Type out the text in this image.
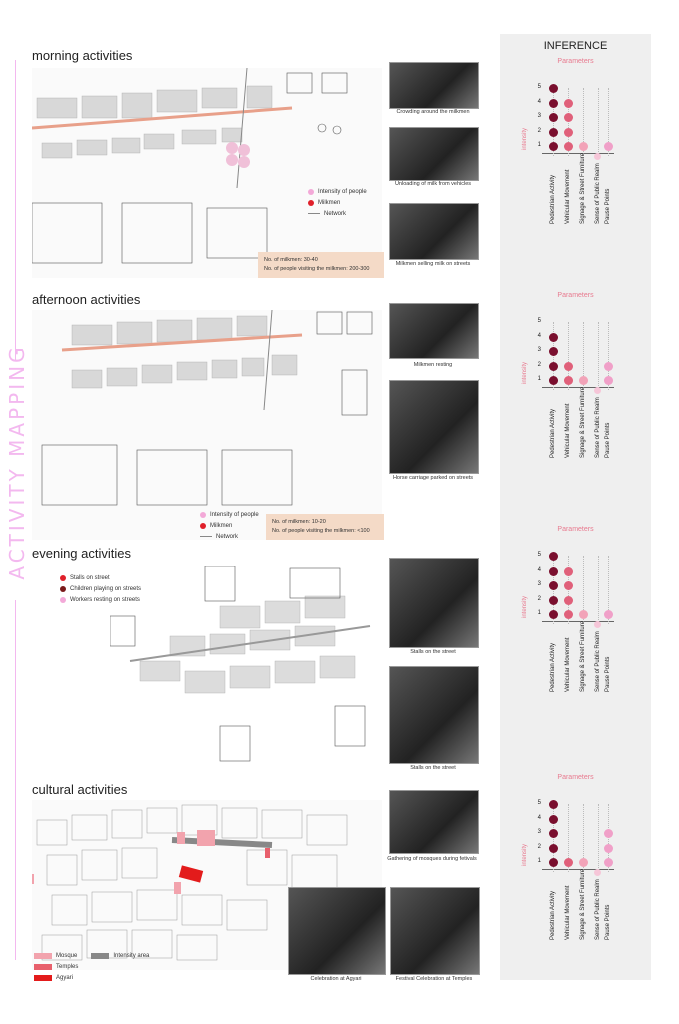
ACTIVITY MAPPING
morning activities
Crowding around the milkmen
Unloading of milk from vehicles
Milkmen selling milk on streets
Intensity of people
Milkmen
Network
No. of milkmen: 30-40
No. of people visiting the milkmen: 200-300
afternoon activities
Milkmen resting
Horse carriage parked on streets
Intensity of people
Milkmen
Network
No. of milkmen: 10-20
No. of people visiting the milkmen: <100
evening activities
Stalls on street
Children playing on streets
Workers resting on streets
Stalls on the street
Stalls on the street
cultural activities
Mosque	Intensity area
Temples
Agyari
Gathering of mosques during fetivals
Celebration at Agyari	Festival Celebration at Temples
INFERENCE
Parameters
intensity	1
2
3
4
5
Pedestrian Activity Vehicular Movement Signage & Street Furniture Sense of Public Realm Pause Points
Parameters
intensity	1
2
3
4
5
Pedestrian Activity Vehicular Movement Signage & Street Furniture Sense of Public Realm Pause Points
Parameters
intensity	1
2
3
4
5
Pedestrian Activity Vehicular Movement Signage & Street Furniture Sense of Public Realm Pause Points
Parameters
intensity	1
2
3
4
5
Pedestrian Activity Vehicular Movement Signage & Street Furniture Sense of Public Realm Pause Points
